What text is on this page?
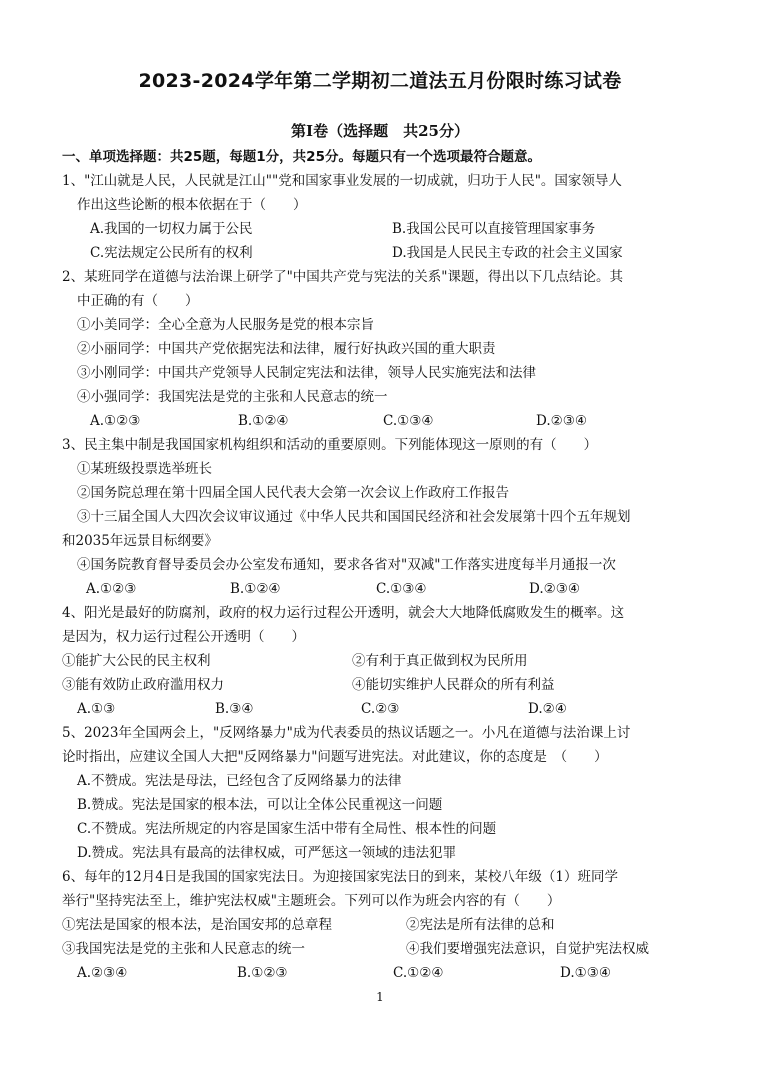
2023-2024学年第二学期初二道法五月份限时练习试卷
第Ⅰ卷（选择题　共25分）
一、单项选择题：共25题，每题1分，共25分。每题只有一个选项最符合题意。
1、"江山就是人民，人民就是江山""党和国家事业发展的一切成就，归功于人民"。国家领导人
作出这些论断的根本依据在于（　　）
A.我国的一切权力属于公民	B.我国公民可以直接管理国家事务
C.宪法规定公民所有的权利	D.我国是人民民主专政的社会主义国家
2、某班同学在道德与法治课上研学了"中国共产党与宪法的关系"课题，得出以下几点结论。其
中正确的有（　　）
①小美同学：全心全意为人民服务是党的根本宗旨
②小丽同学：中国共产党依据宪法和法律，履行好执政兴国的重大职责
③小刚同学：中国共产党领导人民制定宪法和法律，领导人民实施宪法和法律
④小强同学：我国宪法是党的主张和人民意志的统一
A.①②③	B.①②④	C.①③④	D.②③④
3、民主集中制是我国国家机构组织和活动的重要原则。下列能体现这一原则的有（　　）
①某班级投票选举班长
②国务院总理在第十四届全国人民代表大会第一次会议上作政府工作报告
③十三届全国人大四次会议审议通过《中华人民共和国国民经济和社会发展第十四个五年规划
和2035年远景目标纲要》
④国务院教育督导委员会办公室发布通知，要求各省对"双减"工作落实进度每半月通报一次
A.①②③	B.①②④	C.①③④	D.②③④
4、阳光是最好的防腐剂，政府的权力运行过程公开透明，就会大大地降低腐败发生的概率。这
是因为，权力运行过程公开透明（　　）
①能扩大公民的民主权利	②有利于真正做到权为民所用
③能有效防止政府滥用权力	④能切实维护人民群众的所有利益
A.①③	B.③④	C.②③	D.②④
5、2023年全国两会上，"反网络暴力"成为代表委员的热议话题之一。小凡在道德与法治课上讨
论时指出，应建议全国人大把"反网络暴力"问题写进宪法。对此建议，你的态度是　（　　）
A.不赞成。宪法是母法，已经包含了反网络暴力的法律
B.赞成。宪法是国家的根本法，可以让全体公民重视这一问题
C.不赞成。宪法所规定的内容是国家生活中带有全局性、根本性的问题
D.赞成。宪法具有最高的法律权威，可严惩这一领域的违法犯罪
6、每年的12月4日是我国的国家宪法日。为迎接国家宪法日的到来，某校八年级（1）班同学
举行"坚持宪法至上，维护宪法权威"主题班会。下列可以作为班会内容的有（　　）
①宪法是国家的根本法，是治国安邦的总章程	②宪法是所有法律的总和
③我国宪法是党的主张和人民意志的统一	④我们要增强宪法意识，自觉护宪法权威
A.②③④	B.①②③	C.①②④	D.①③④
1
